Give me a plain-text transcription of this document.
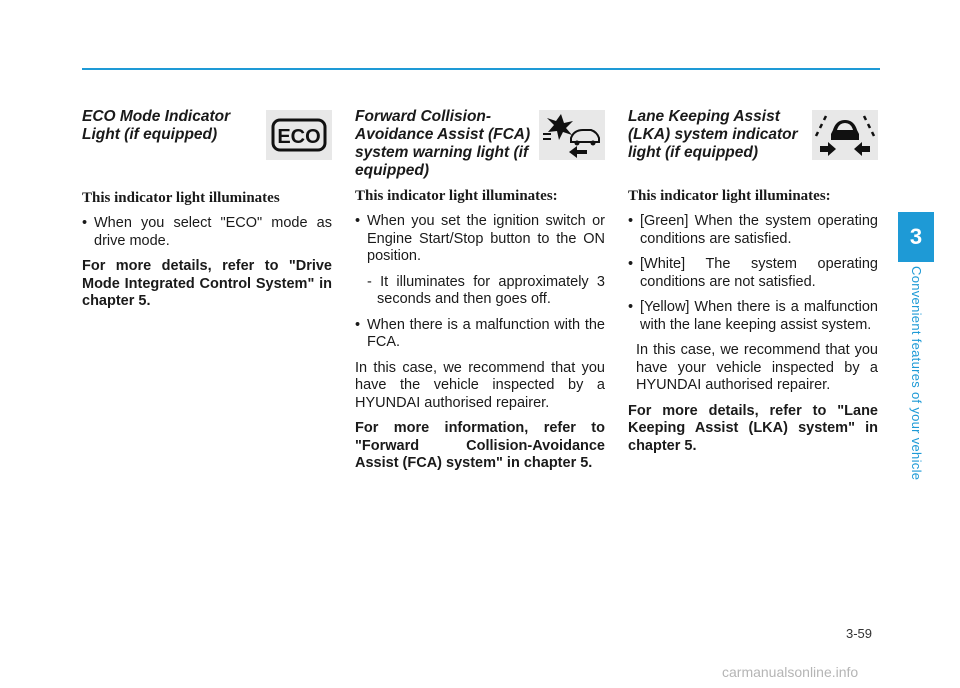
ECO Mode Indicator Light (if equipped)	ECO
This indicator light illuminates

• When you select "ECO" mode as drive mode.

For more details, refer to "Drive Mode Integrated Control System" in chapter 5.

Forward Collision-Avoidance Assist (FCA) system warning light (if equipped)
This indicator light illuminates:

• When you set the ignition switch or Engine Start/Stop button to the ON position.

- It illuminates for approximately 3 seconds and then goes off.

• When there is a malfunction with the FCA.

In this case, we recommend that you have the vehicle inspected by a HYUNDAI authorised repairer.

For more information, refer to "Forward Collision-Avoidance Assist (FCA) system" in chapter 5.

Lane Keeping Assist (LKA) system indicator light (if equipped)
This indicator light illuminates:

• [Green] When the system operating conditions are satisfied.

• [White] The system operating conditions are not satisfied.

• [Yellow] When there is a malfunction with the lane keeping assist system.

In this case, we recommend that you have your vehicle inspected by a HYUNDAI authorised repairer.

For more details, refer to "Lane Keeping Assist (LKA) system" in chapter 5.

3
Convenient features of your vehicle
3-59
carmanualsonline.info
